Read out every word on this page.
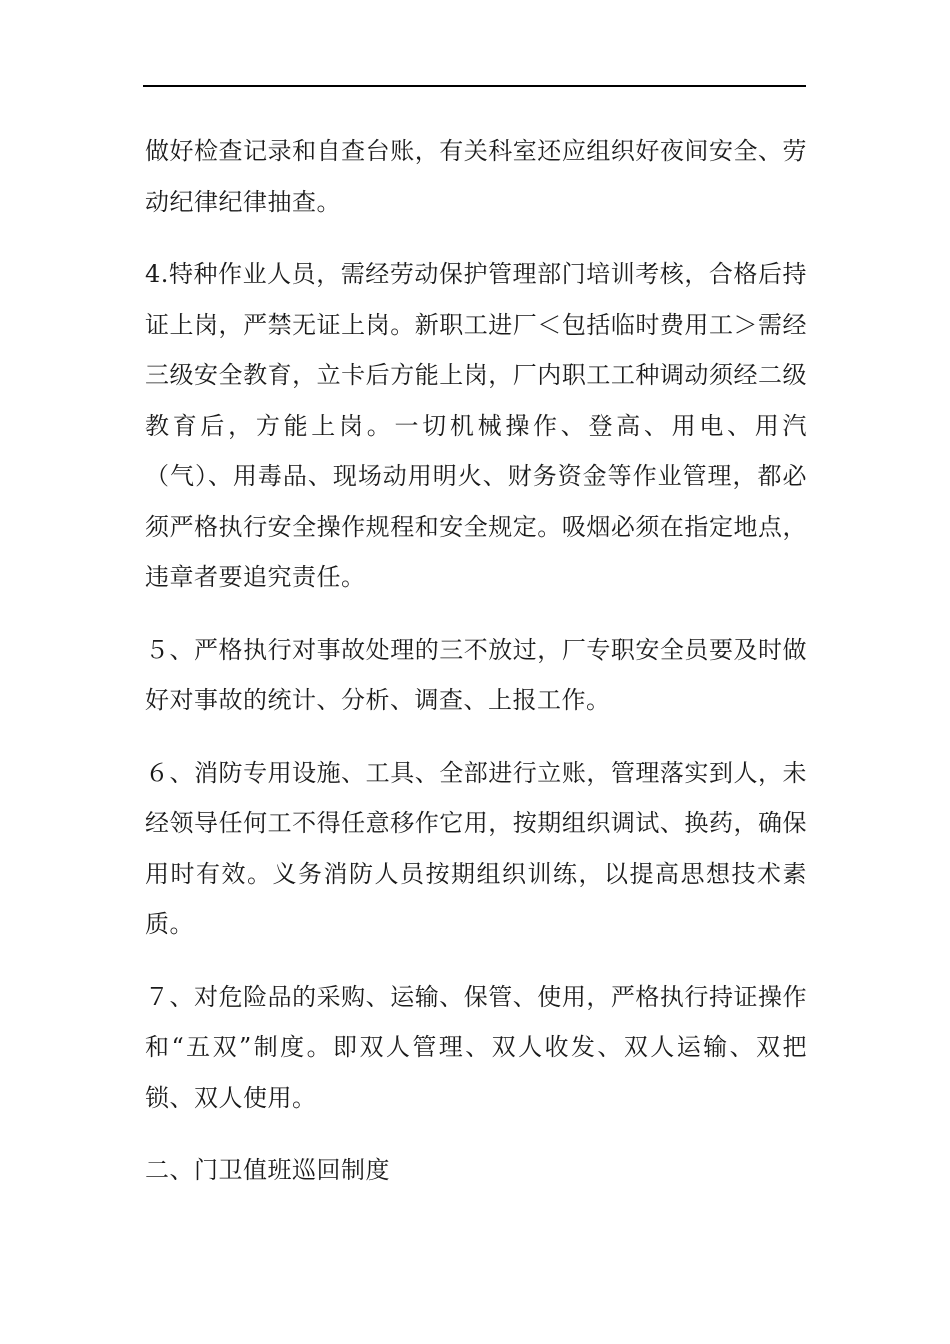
做好检查记录和自查台账，有关科室还应组织好夜间安全、劳动纪律纪律抽查。

4.特种作业人员，需经劳动保护管理部门培训考核，合格后持证上岗，严禁无证上岗。新职工进厂＜包括临时费用工＞需经三级安全教育，立卡后方能上岗，厂内职工工种调动须经二级教育后，方能上岗。一切机械操作、登高、用电、用汽（气）、用毒品、现场动用明火、财务资金等作业管理，都必须严格执行安全操作规程和安全规定。吸烟必须在指定地点，违章者要追究责任。

５、严格执行对事故处理的三不放过，厂专职安全员要及时做好对事故的统计、分析、调查、上报工作。

６、消防专用设施、工具、全部进行立账，管理落实到人，未经领导任何工不得任意移作它用，按期组织调试、换药，确保用时有效。义务消防人员按期组织训练，以提高思想技术素质。

７、对危险品的采购、运输、保管、使用，严格执行持证操作和“五双”制度。即双人管理、双人收发、双人运输、双把锁、双人使用。

二、门卫值班巡回制度
